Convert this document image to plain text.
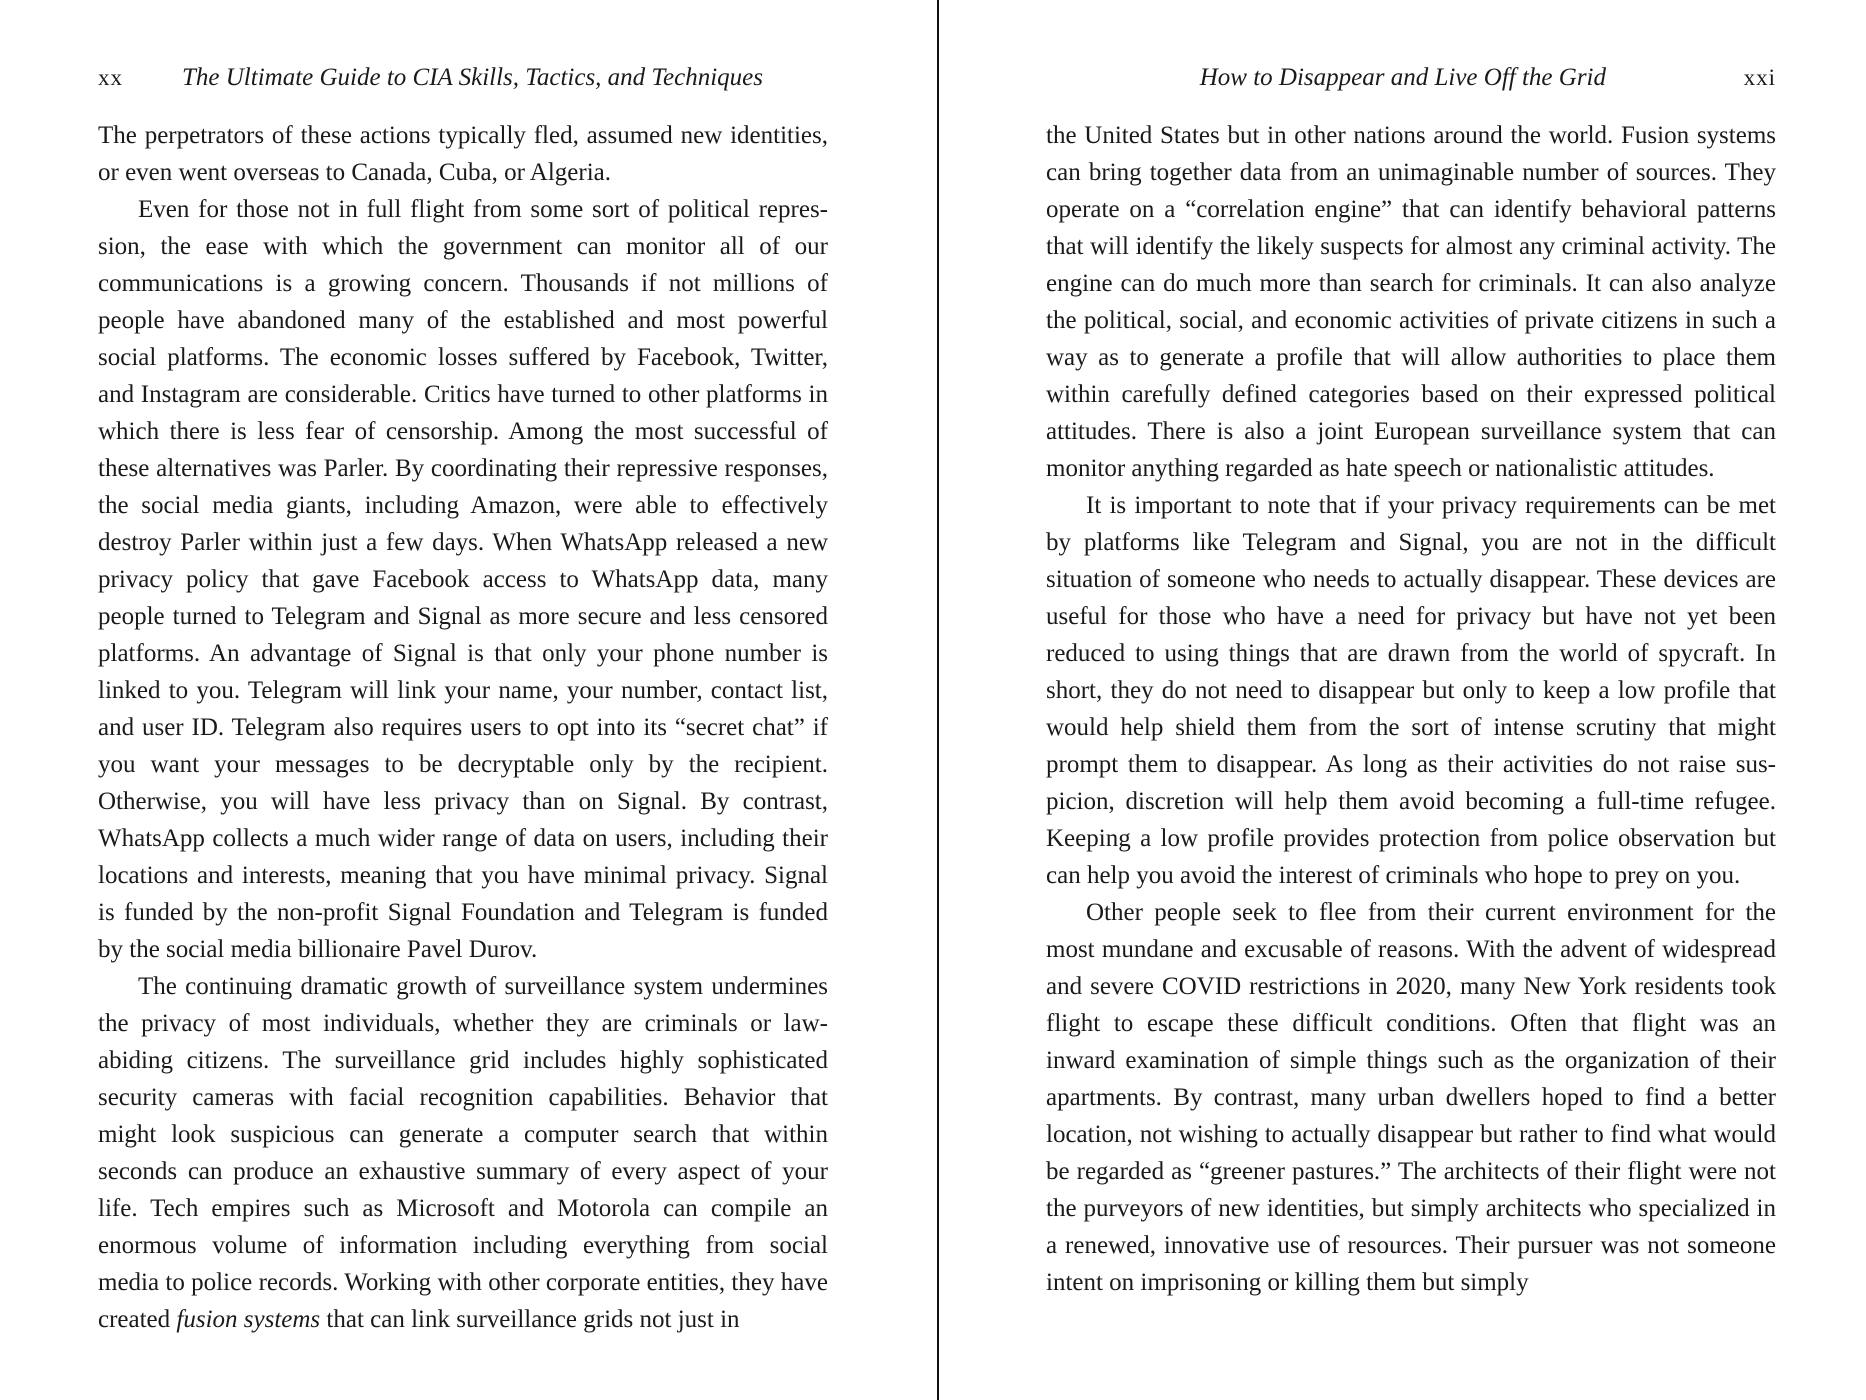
xx The Ultimate Guide to CIA Skills, Tactics, and Techniques

The perpetrators of these actions typically fled, assumed new identities, or even went overseas to Canada, Cuba, or Algeria.

Even for those not in full flight from some sort of political repression, the ease with which the government can monitor all of our communications is a growing concern. Thousands if not millions of people have abandoned many of the established and most powerful social platforms. The economic losses suffered by Facebook, Twitter, and Instagram are considerable. Critics have turned to other platforms in which there is less fear of censorship. Among the most successful of these alternatives was Parler. By coordinating their repressive responses, the social media giants, including Amazon, were able to effectively destroy Parler within just a few days. When WhatsApp released a new privacy policy that gave Facebook access to WhatsApp data, many people turned to Telegram and Signal as more secure and less censored platforms. An advantage of Signal is that only your phone number is linked to you. Telegram will link your name, your number, contact list, and user ID. Telegram also requires users to opt into its “secret chat” if you want your messages to be decryptable only by the recipient. Otherwise, you will have less privacy than on Signal. By contrast, WhatsApp collects a much wider range of data on users, including their locations and interests, meaning that you have minimal privacy. Signal is funded by the non-profit Signal Foundation and Telegram is funded by the social media billionaire Pavel Durov.

The continuing dramatic growth of surveillance system undermines the privacy of most individuals, whether they are criminals or law-abiding citizens. The surveillance grid includes highly sophisticated security cameras with facial recognition capabilities. Behavior that might look suspicious can generate a computer search that within seconds can produce an exhaustive summary of every aspect of your life. Tech empires such as Microsoft and Motorola can compile an enormous volume of information including everything from social media to police records. Working with other corporate entities, they have created fusion systems that can link surveillance grids not just in

How to Disappear and Live Off the Grid	xxi

the United States but in other nations around the world. Fusion systems can bring together data from an unimaginable number of sources. They operate on a “correlation engine” that can identify behavioral patterns that will identify the likely suspects for almost any criminal activity. The engine can do much more than search for criminals. It can also analyze the political, social, and economic activities of private citizens in such a way as to generate a profile that will allow authorities to place them within carefully defined categories based on their expressed political attitudes. There is also a joint European surveillance system that can monitor anything regarded as hate speech or nationalistic attitudes.

It is important to note that if your privacy requirements can be met by platforms like Telegram and Signal, you are not in the difficult situation of someone who needs to actually disappear. These devices are useful for those who have a need for privacy but have not yet been reduced to using things that are drawn from the world of spycraft. In short, they do not need to disappear but only to keep a low profile that would help shield them from the sort of intense scrutiny that might prompt them to disappear. As long as their activities do not raise suspicion, discretion will help them avoid becoming a full-time refugee. Keeping a low profile provides protection from police observation but can help you avoid the interest of criminals who hope to prey on you.

Other people seek to flee from their current environment for the most mundane and excusable of reasons. With the advent of widespread and severe COVID restrictions in 2020, many New York residents took flight to escape these difficult conditions. Often that flight was an inward examination of simple things such as the organization of their apartments. By contrast, many urban dwellers hoped to find a better location, not wishing to actually disappear but rather to find what would be regarded as “greener pastures.” The architects of their flight were not the purveyors of new identities, but simply architects who specialized in a renewed, innovative use of resources. Their pursuer was not someone intent on imprisoning or killing them but simply
